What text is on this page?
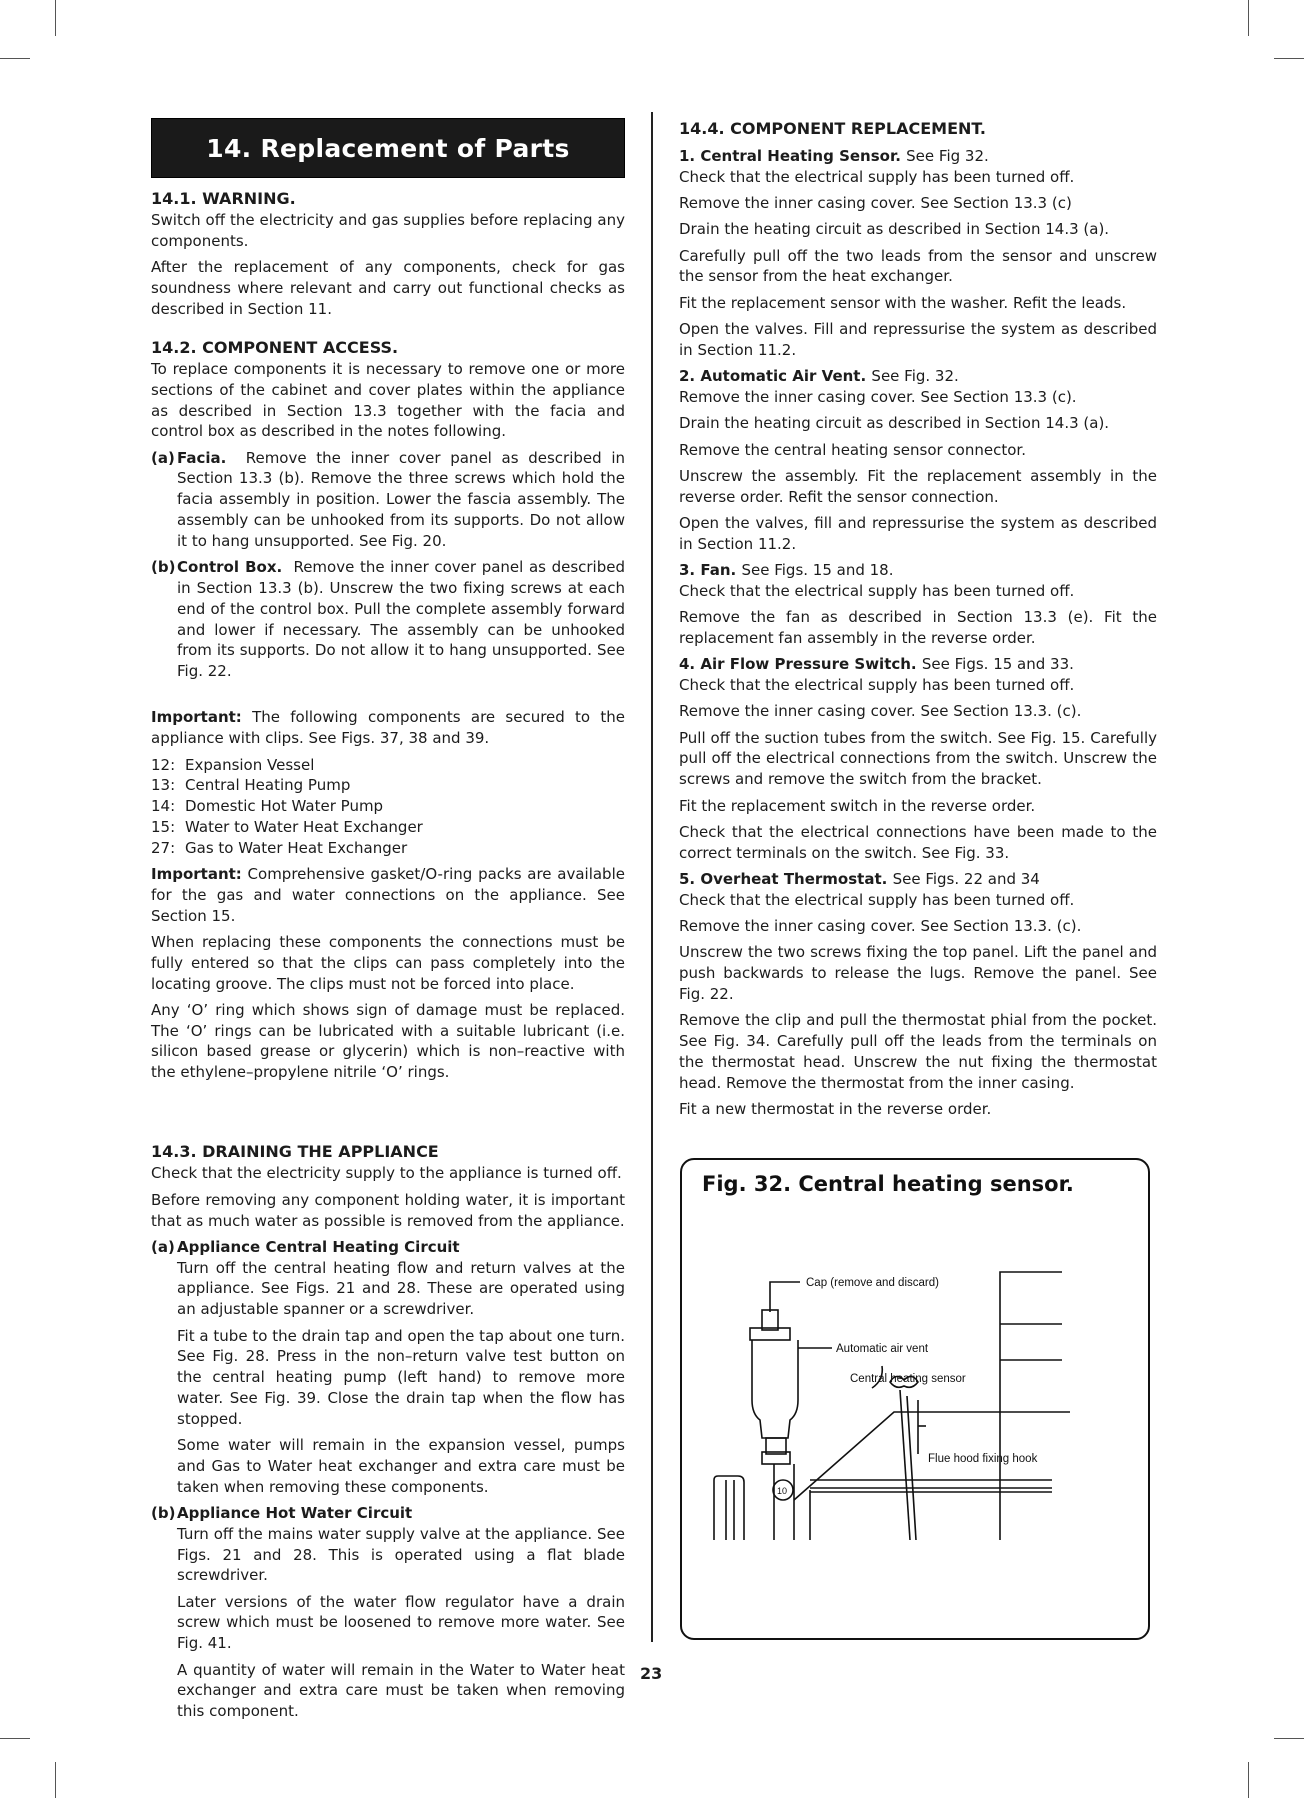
14. Replacement of Parts
14.1. WARNING.

Switch off the electricity and gas supplies before replacing any components.

After the replacement of any components, check for gas soundness where relevant and carry out functional checks as described in Section 11.

14.2. COMPONENT ACCESS.

To replace components it is necessary to remove one or more sections of the cabinet and cover plates within the appliance as described in Section 13.3 together with the facia and control box as described in the notes following.

(a) Facia. Remove the inner cover panel as described in Section 13.3 (b). Remove the three screws which hold the facia assembly in position. Lower the fascia assembly. The assembly can be unhooked from its supports. Do not allow it to hang unsupported. See Fig. 20.

(b) Control Box. Remove the inner cover panel as described in Section 13.3 (b). Unscrew the two fixing screws at each end of the control box. Pull the complete assembly forward and lower if necessary. The assembly can be unhooked from its supports. Do not allow it to hang unsupported. See Fig. 22.

Important: The following components are secured to the appliance with clips. See Figs. 37, 38 and 39.

12: Expansion Vessel
13: Central Heating Pump
14: Domestic Hot Water Pump
15: Water to Water Heat Exchanger
27: Gas to Water Heat Exchanger

Important: Comprehensive gasket/O-ring packs are available for the gas and water connections on the appliance. See Section 15.

When replacing these components the connections must be fully entered so that the clips can pass completely into the locating groove. The clips must not be forced into place.

Any ‘O’ ring which shows sign of damage must be replaced. The ‘O’ rings can be lubricated with a suitable lubricant (i.e. silicon based grease or glycerin) which is non–reactive with the ethylene–propylene nitrile ‘O’ rings.

14.3. DRAINING THE APPLIANCE

Check that the electricity supply to the appliance is turned off.

Before removing any component holding water, it is important that as much water as possible is removed from the appliance.

(a) Appliance Central Heating Circuit

Turn off the central heating flow and return valves at the appliance. See Figs. 21 and 28. These are operated using an adjustable spanner or a screwdriver.

Fit a tube to the drain tap and open the tap about one turn. See Fig. 28. Press in the non–return valve test button on the central heating pump (left hand) to remove more water. See Fig. 39. Close the drain tap when the flow has stopped.

Some water will remain in the expansion vessel, pumps and Gas to Water heat exchanger and extra care must be taken when removing these components.

(b) Appliance Hot Water Circuit

Turn off the mains water supply valve at the appliance. See Figs. 21 and 28. This is operated using a flat blade screwdriver.

Later versions of the water flow regulator have a drain screw which must be loosened to remove more water. See Fig. 41.

A quantity of water will remain in the Water to Water heat exchanger and extra care must be taken when removing this component.

14.4. COMPONENT REPLACEMENT.
1. Central Heating Sensor. See Fig 32.

Check that the electrical supply has been turned off.

Remove the inner casing cover. See Section 13.3 (c)

Drain the heating circuit as described in Section 14.3 (a).

Carefully pull off the two leads from the sensor and unscrew the sensor from the heat exchanger.

Fit the replacement sensor with the washer. Refit the leads.

Open the valves. Fill and repressurise the system as described in Section 11.2.

2. Automatic Air Vent. See Fig. 32.

Remove the inner casing cover. See Section 13.3 (c).

Drain the heating circuit as described in Section 14.3 (a).

Remove the central heating sensor connector.

Unscrew the assembly. Fit the replacement assembly in the reverse order. Refit the sensor connection.

Open the valves, fill and repressurise the system as described in Section 11.2.

3. Fan. See Figs. 15 and 18.

Check that the electrical supply has been turned off.

Remove the fan as described in Section 13.3 (e). Fit the replacement fan assembly in the reverse order.

4. Air Flow Pressure Switch. See Figs. 15 and 33.

Check that the electrical supply has been turned off.

Remove the inner casing cover. See Section 13.3. (c).

Pull off the suction tubes from the switch. See Fig. 15. Carefully pull off the electrical connections from the switch. Unscrew the screws and remove the switch from the bracket.

Fit the replacement switch in the reverse order.

Check that the electrical connections have been made to the correct terminals on the switch. See Fig. 33.

5. Overheat Thermostat. See Figs. 22 and 34

Check that the electrical supply has been turned off.

Remove the inner casing cover. See Section 13.3. (c).

Unscrew the two screws fixing the top panel. Lift the panel and push backwards to release the lugs. Remove the panel. See Fig. 22.

Remove the clip and pull the thermostat phial from the pocket. See Fig. 34. Carefully pull off the leads from the terminals on the thermostat head. Unscrew the nut fixing the thermostat head. Remove the thermostat from the inner casing.

Fit a new thermostat in the reverse order.

Fig. 32. Central heating sensor.
Cap (remove and discard)
Automatic air vent
Central heating sensor
Flue hood fixing hook
10
23
